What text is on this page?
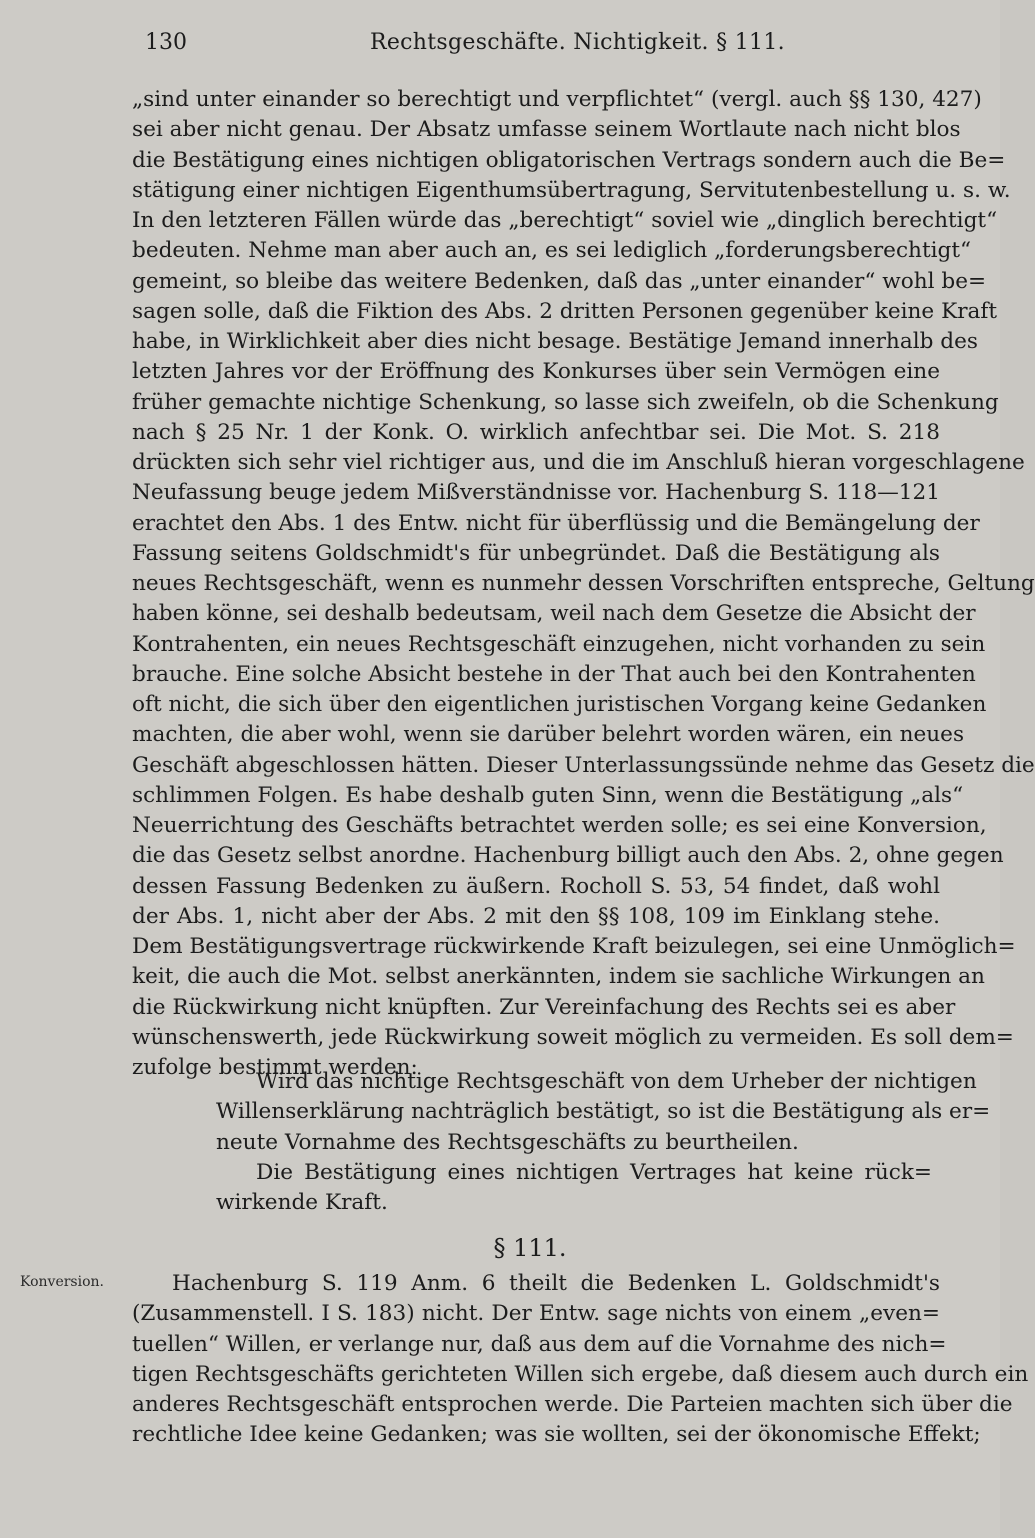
130	Rechtsgeschäfte. Nichtigkeit. § 111.
„sind unter einander so berechtigt und verpflichtet“ (vergl. auch §§ 130, 427)
sei aber nicht genau. Der Absatz umfasse seinem Wortlaute nach nicht blos
die Bestätigung eines nichtigen obligatorischen Vertrags sondern auch die Be=
stätigung einer nichtigen Eigenthumsübertragung, Servitutenbestellung u. s. w.
In den letzteren Fällen würde das „berechtigt“ soviel wie „dinglich berechtigt“
bedeuten. Nehme man aber auch an, es sei lediglich „forderungsberechtigt“
gemeint, so bleibe das weitere Bedenken, daß das „unter einander“ wohl be=
sagen solle, daß die Fiktion des Abs. 2 dritten Personen gegenüber keine Kraft
habe, in Wirklichkeit aber dies nicht besage. Bestätige Jemand innerhalb des
letzten Jahres vor der Eröffnung des Konkurses über sein Vermögen eine
früher gemachte nichtige Schenkung, so lasse sich zweifeln, ob die Schenkung
nach § 25 Nr. 1 der Konk. O. wirklich anfechtbar sei. Die Mot. S. 218
drückten sich sehr viel richtiger aus, und die im Anschluß hieran vorgeschlagene
Neufassung beuge jedem Mißverständnisse vor. Hachenburg S. 118—121
erachtet den Abs. 1 des Entw. nicht für überflüssig und die Bemängelung der
Fassung seitens Goldschmidt's für unbegründet. Daß die Bestätigung als
neues Rechtsgeschäft, wenn es nunmehr dessen Vorschriften entspreche, Geltung
haben könne, sei deshalb bedeutsam, weil nach dem Gesetze die Absicht der
Kontrahenten, ein neues Rechtsgeschäft einzugehen, nicht vorhanden zu sein
brauche. Eine solche Absicht bestehe in der That auch bei den Kontrahenten
oft nicht, die sich über den eigentlichen juristischen Vorgang keine Gedanken
machten, die aber wohl, wenn sie darüber belehrt worden wären, ein neues
Geschäft abgeschlossen hätten. Dieser Unterlassungssünde nehme das Gesetz die
schlimmen Folgen. Es habe deshalb guten Sinn, wenn die Bestätigung „als“
Neuerrichtung des Geschäfts betrachtet werden solle; es sei eine Konversion,
die das Gesetz selbst anordne. Hachenburg billigt auch den Abs. 2, ohne gegen
dessen Fassung Bedenken zu äußern. Rocholl S. 53, 54 findet, daß wohl
der Abs. 1, nicht aber der Abs. 2 mit den §§ 108, 109 im Einklang stehe.
Dem Bestätigungsvertrage rückwirkende Kraft beizulegen, sei eine Unmöglich=
keit, die auch die Mot. selbst anerkännten, indem sie sachliche Wirkungen an
die Rückwirkung nicht knüpften. Zur Vereinfachung des Rechts sei es aber
wünschenswerth, jede Rückwirkung soweit möglich zu vermeiden. Es soll dem=
zufolge bestimmt werden:
Wird das nichtige Rechtsgeschäft von dem Urheber der nichtigen
Willenserklärung nachträglich bestätigt, so ist die Bestätigung als er=
neute Vornahme des Rechtsgeschäfts zu beurtheilen.
Die Bestätigung eines nichtigen Vertrages hat keine rück=
wirkende Kraft.
§ 111.
Konversion.	Hachenburg S. 119 Anm. 6 theilt die Bedenken L. Goldschmidt's
(Zusammenstell. I S. 183) nicht. Der Entw. sage nichts von einem „even=
tuellen“ Willen, er verlange nur, daß aus dem auf die Vornahme des nich=
tigen Rechtsgeschäfts gerichteten Willen sich ergebe, daß diesem auch durch ein
anderes Rechtsgeschäft entsprochen werde. Die Parteien machten sich über die
rechtliche Idee keine Gedanken; was sie wollten, sei der ökonomische Effekt;
